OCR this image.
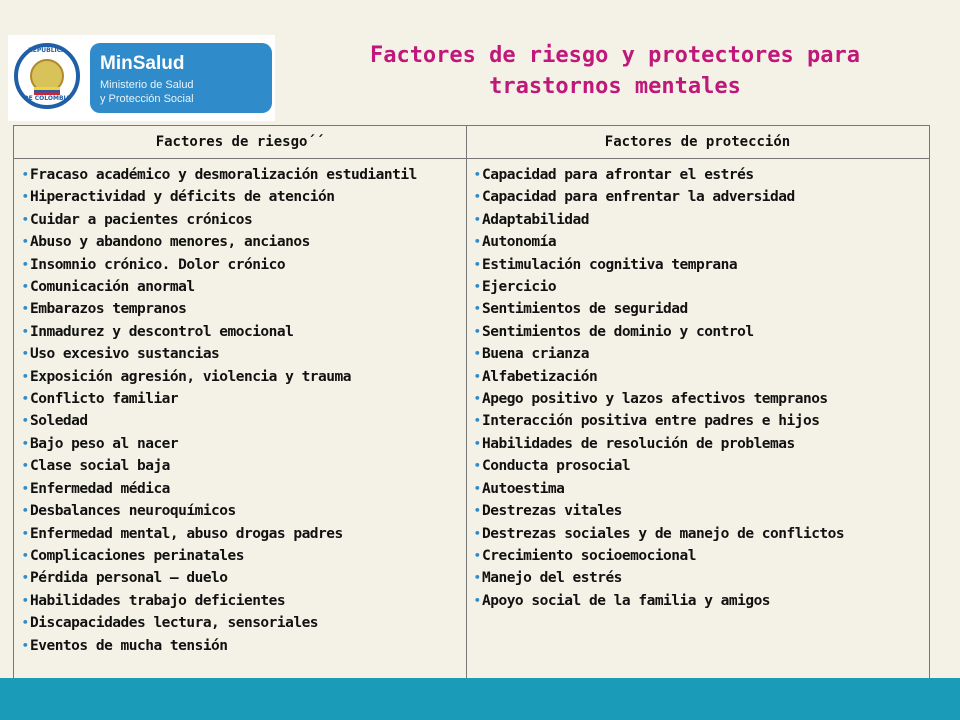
REPUBLICA
DE COLOMBIA
MinSalud
Ministerio de Salud
y Protección Social
Factores de riesgo y protectores para
trastornos mentales
Factores de riesgo´´	Factores de protección
• Fracaso académico y desmoralización estudiantil
• Hiperactividad y déficits de atención
• Cuidar a pacientes crónicos
• Abuso y abandono menores, ancianos
• Insomnio crónico. Dolor crónico
• Comunicación anormal
• Embarazos tempranos
• Inmadurez y descontrol emocional
• Uso excesivo sustancias
• Exposición agresión, violencia y trauma
• Conflicto familiar
• Soledad
• Bajo peso al nacer
• Clase social baja
• Enfermedad médica
• Desbalances neuroquímicos
• Enfermedad mental, abuso drogas padres
• Complicaciones perinatales
• Pérdida personal — duelo
• Habilidades trabajo deficientes
• Discapacidades lectura, sensoriales
• Eventos de mucha tensión
• Capacidad para afrontar el estrés
• Capacidad para enfrentar la adversidad
• Adaptabilidad
• Autonomía
• Estimulación cognitiva temprana
• Ejercicio
• Sentimientos de seguridad
• Sentimientos de dominio y control
• Buena crianza
• Alfabetización
• Apego positivo y lazos afectivos tempranos
• Interacción positiva entre padres e hijos
• Habilidades de resolución de problemas
• Conducta prosocial
• Autoestima
• Destrezas vitales
• Destrezas sociales y de manejo de conflictos
• Crecimiento socioemocional
• Manejo del estrés
• Apoyo social de la familia y amigos
